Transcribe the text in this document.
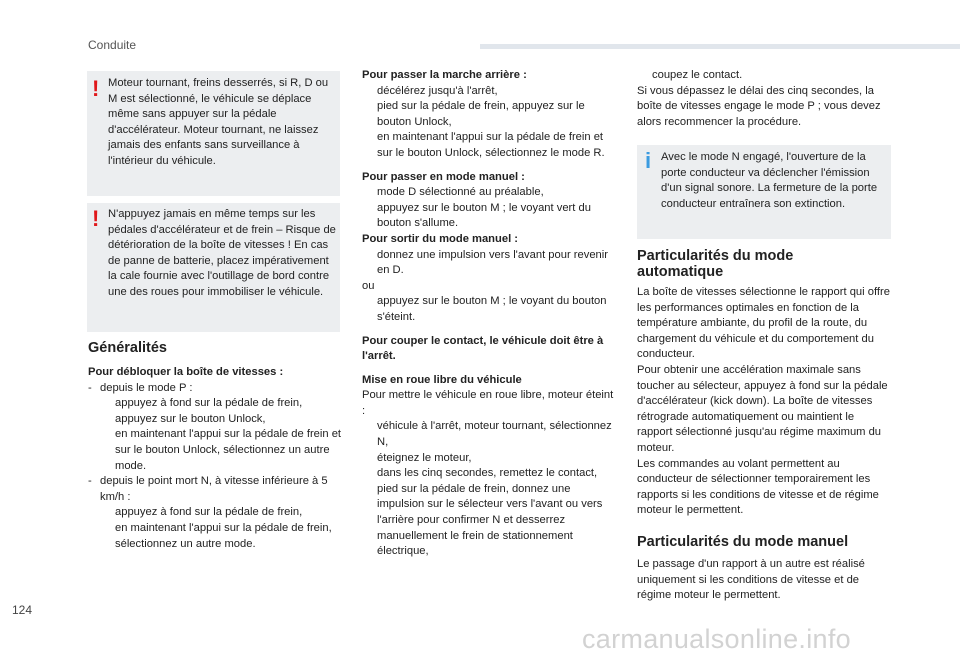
Conduite
! Moteur tournant, freins desserrés, si R, D ou M est sélectionné, le véhicule se déplace même sans appuyer sur la pédale d'accélérateur. Moteur tournant, ne laissez jamais des enfants sans surveillance à l'intérieur du véhicule.
! N'appuyez jamais en même temps sur les pédales d'accélérateur et de frein – Risque de détérioration de la boîte de vitesses ! En cas de panne de batterie, placez impérativement la cale fournie avec l'outillage de bord contre une des roues pour immobiliser le véhicule.
Généralités

Pour débloquer la boîte de vitesses :

- depuis le mode P :
appuyez à fond sur la pédale de frein,
appuyez sur le bouton Unlock,
en maintenant l'appui sur la pédale de frein et sur le bouton Unlock, sélectionnez un autre mode.
- depuis le point mort N, à vitesse inférieure à 5 km/h :
appuyez à fond sur la pédale de frein,
en maintenant l'appui sur la pédale de frein, sélectionnez un autre mode.

Pour passer la marche arrière :

décélérez jusqu'à l'arrêt,
pied sur la pédale de frein, appuyez sur le bouton Unlock,
en maintenant l'appui sur la pédale de frein et sur le bouton Unlock, sélectionnez le mode R.

Pour passer en mode manuel :

mode D sélectionné au préalable,
appuyez sur le bouton M ; le voyant vert du bouton s'allume.

Pour sortir du mode manuel :

donnez une impulsion vers l'avant pour revenir en D.

ou

appuyez sur le bouton M ; le voyant du bouton s'éteint.

Pour couper le contact, le véhicule doit être à l'arrêt.

Mise en roue libre du véhicule

Pour mettre le véhicule en roue libre, moteur éteint :

véhicule à l'arrêt, moteur tournant, sélectionnez N,
éteignez le moteur,
dans les cinq secondes, remettez le contact,
pied sur la pédale de frein, donnez une impulsion sur le sélecteur vers l'avant ou vers l'arrière pour confirmer N et desserrez manuellement le frein de stationnement électrique,
coupez le contact.

Si vous dépassez le délai des cinq secondes, la boîte de vitesses engage le mode P ; vous devez alors recommencer la procédure.

i Avec le mode N engagé, l'ouverture de la porte conducteur va déclencher l'émission d'un signal sonore. La fermeture de la porte conducteur entraînera son extinction.
Particularités du mode automatique

La boîte de vitesses sélectionne le rapport qui offre les performances optimales en fonction de la température ambiante, du profil de la route, du chargement du véhicule et du comportement du conducteur.

Pour obtenir une accélération maximale sans toucher au sélecteur, appuyez à fond sur la pédale d'accélérateur (kick down). La boîte de vitesses rétrograde automatiquement ou maintient le rapport sélectionné jusqu'au régime maximum du moteur.

Les commandes au volant permettent au conducteur de sélectionner temporairement les rapports si les conditions de vitesse et de régime moteur le permettent.

Particularités du mode manuel

Le passage d'un rapport à un autre est réalisé uniquement si les conditions de vitesse et de régime moteur le permettent.

124
carmanualsonline.info
